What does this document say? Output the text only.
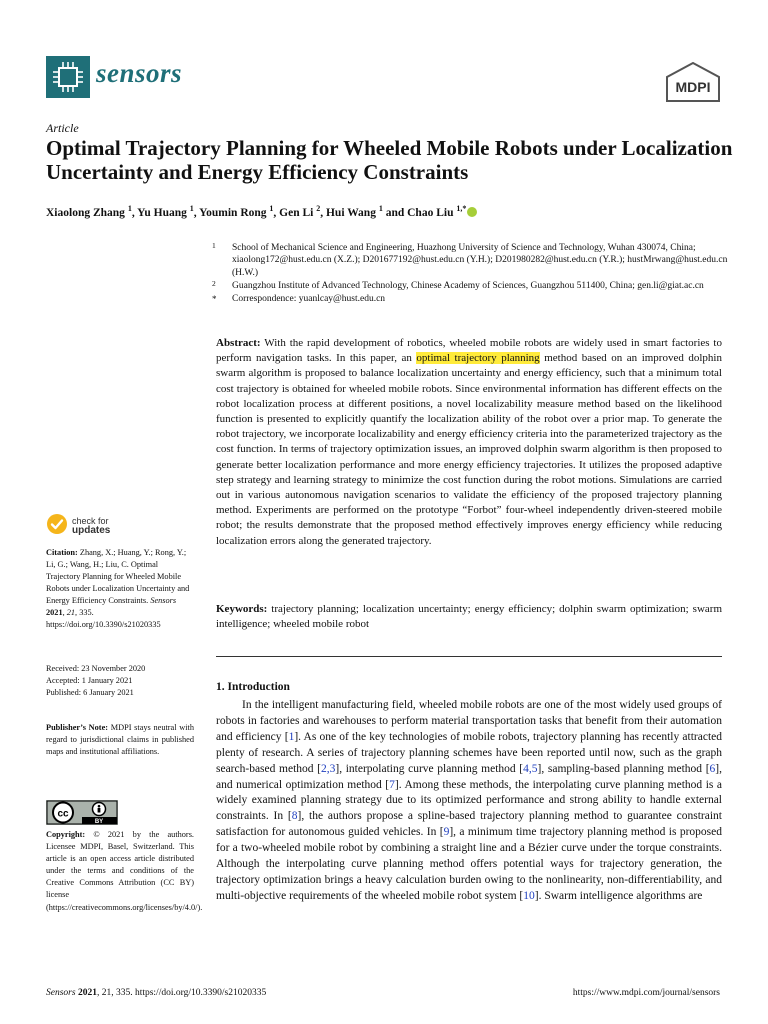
sensors	MDPI
Article
Optimal Trajectory Planning for Wheeled Mobile Robots under Localization Uncertainty and Energy Efficiency Constraints
Xiaolong Zhang $^1$, Yu Huang $^1$, Youmin Rong $^1$, Gen Li $^2$, Hui Wang $^1$ and Chao Liu $^{1,*}$
1 School of Mechanical Science and Engineering, Huazhong University of Science and Technology, Wuhan 430074, China; xiaolong172@hust.edu.cn (X.Z.); D201677192@hust.edu.cn (Y.H.); D201980282@hust.edu.cn (Y.R.); hustMrwang@hust.edu.cn (H.W.)
2 Guangzhou Institute of Advanced Technology, Chinese Academy of Sciences, Guangzhou 511400, China; gen.li@giat.ac.cn
* Correspondence: yuanlcay@hust.edu.cn
Abstract: With the rapid development of robotics, wheeled mobile robots are widely used in smart factories to perform navigation tasks. In this paper, an optimal trajectory planning method based on an improved dolphin swarm algorithm is proposed to balance localization uncertainty and energy efficiency, such that a minimum total cost trajectory is obtained for wheeled mobile robots. Since environmental information has different effects on the robot localization process at different positions, a novel localizability measure method based on the likelihood function is presented to explicitly quantify the localization ability of the robot over a prior map. To generate the robot trajectory, we incorporate localizability and energy efficiency criteria into the parameterized trajectory as the cost function. In terms of trajectory optimization issues, an improved dolphin swarm algorithm is then proposed to generate better localization performance and more energy efficiency trajectories. It utilizes the proposed adaptive step strategy and learning strategy to minimize the cost function during the robot motions. Simulations are carried out in various autonomous navigation scenarios to validate the efficiency of the proposed trajectory planning method. Experiments are performed on the prototype “Forbot” four-wheel independently driven-steered mobile robot; the results demonstrate that the proposed method effectively improves energy efficiency while reducing localization errors along the generated trajectory.
Keywords: trajectory planning; localization uncertainty; energy efficiency; dolphin swarm optimization; swarm intelligence; wheeled mobile robot
check for
updates
Citation: Zhang, X.; Huang, Y.; Rong, Y.; Li, G.; Wang, H.; Liu, C. Optimal Trajectory Planning for Wheeled Mobile Robots under Localization Uncertainty and Energy Efficiency Constraints. Sensors 2021, 21, 335. https://doi.org/10.3390/s21020335
Received: 23 November 2020
Accepted: 1 January 2021
Published: 6 January 2021
Publisher’s Note: MDPI stays neutral with regard to jurisdictional claims in published maps and institutional affiliations.
cc
BY
Copyright: © 2021 by the authors. Licensee MDPI, Basel, Switzerland. This article is an open access article distributed under the terms and conditions of the Creative Commons Attribution (CC BY) license (https://creativecommons.org/licenses/by/4.0/).
1. Introduction
In the intelligent manufacturing field, wheeled mobile robots are one of the most widely used groups of robots in factories and warehouses to perform material transportation tasks that benefit from their automation and efficiency [1]. As one of the key technologies of mobile robots, trajectory planning has recently attracted plenty of research. A series of trajectory planning schemes have been reported until now, such as the graph search-based method [2,3], interpolating curve planning method [4,5], sampling-based planning method [6], and numerical optimization method [7]. Among these methods, the interpolating curve planning method is a widely examined planning strategy due to its optimized performance and strong ability to handle external constraints. In [8], the authors propose a spline-based trajectory planning method to guarantee constraint satisfaction for autonomous guided vehicles. In [9], a minimum time trajectory planning method is proposed for a two-wheeled mobile robot by combining a straight line and a Bézier curve under the torque constraints. Although the interpolating curve planning method offers potential ways for trajectory generation, the trajectory optimization brings a heavy calculation burden owing to the nonlinearity, non-differentiability, and multi-objective requirements of the wheeled mobile robot system [10]. Swarm intelligence algorithms are
Sensors 2021, 21, 335. https://doi.org/10.3390/s21020335	https://www.mdpi.com/journal/sensors
